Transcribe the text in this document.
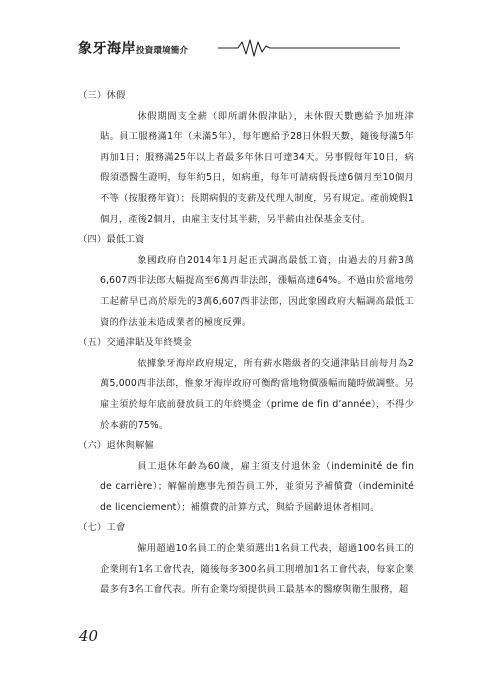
象牙海岸投資環境簡介

（三）休假

休假期間支全薪（即所謂休假津貼），未休假天數應給予加班津貼。員工服務滿1年（未滿5年），每年應給予28日休假天數，隨後每滿5年再加1日；服務滿25年以上者最多年休日可達34天。另事假每年10日，病假須憑醫生證明，每年約5日，如病重，每年可請病假長達6個月至10個月不等（按服務年資）；長期病假的支薪及代理人制度，另有規定。產前娩假1個月，產後2個月，由雇主支付其半薪，另半薪由社保基金支付。

（四）最低工資

象國政府自2014年1月起正式調高最低工資，由過去的月薪3萬6,607西非法郎大幅提高至6萬西非法郎，漲幅高達64%。不過由於當地勞工起薪早已高於原先的3萬6,607西非法郎，因此象國政府大幅調高最低工資的作法並未造成業者的極度反彈。

（五）交通津貼及年終獎金

依據象牙海岸政府規定，所有薪水階級者的交通津貼目前每月為2萬5,000西非法郎，惟象牙海岸政府可衡酌當地物價漲幅而隨時做調整。另雇主須於每年底前發放員工的年終獎金（prime de fin d’année），不得少於本薪的75%。

（六）退休與解僱

員工退休年齡為60歲，雇主須支付退休金（indeminité de fin de carrière）；解僱前應事先預告員工外，並須另予補償費（indeminité de licenciement）；補償費的計算方式，與給予屆齡退休者相同。

（七）工會

僱用超過10名員工的企業須選出1名員工代表，超過100名員工的企業則有1名工會代表，隨後每多300名員工則增加1名工會代表，每家企業最多有3名工會代表。所有企業均須提供員工最基本的醫療與衛生服務，超

40
